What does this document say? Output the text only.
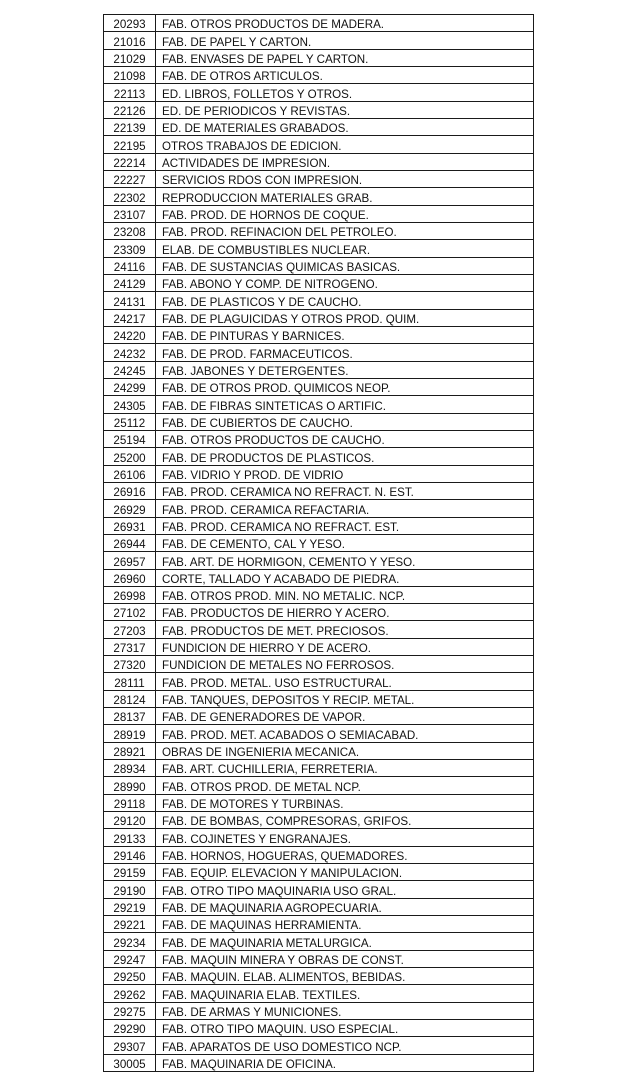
20293	FAB. OTROS PRODUCTOS DE MADERA.
21016	FAB. DE PAPEL Y CARTON.
21029	FAB. ENVASES DE PAPEL Y CARTON.
21098	FAB. DE OTROS ARTICULOS.
22113	ED. LIBROS, FOLLETOS Y OTROS.
22126	ED. DE PERIODICOS Y REVISTAS.
22139	ED. DE MATERIALES GRABADOS.
22195	OTROS TRABAJOS DE EDICION.
22214	ACTIVIDADES DE IMPRESION.
22227	SERVICIOS RDOS CON IMPRESION.
22302	REPRODUCCION MATERIALES GRAB.
23107	FAB. PROD. DE HORNOS DE COQUE.
23208	FAB. PROD. REFINACION DEL PETROLEO.
23309	ELAB. DE COMBUSTIBLES NUCLEAR.
24116	FAB. DE SUSTANCIAS QUIMICAS BASICAS.
24129	FAB. ABONO Y COMP. DE NITROGENO.
24131	FAB. DE PLASTICOS Y DE CAUCHO.
24217	FAB. DE PLAGUICIDAS Y OTROS PROD. QUIM.
24220	FAB. DE PINTURAS Y BARNICES.
24232	FAB. DE PROD. FARMACEUTICOS.
24245	FAB. JABONES Y DETERGENTES.
24299	FAB. DE OTROS PROD. QUIMICOS NEOP.
24305	FAB. DE FIBRAS SINTETICAS O ARTIFIC.
25112	FAB. DE CUBIERTOS DE CAUCHO.
25194	FAB. OTROS PRODUCTOS DE CAUCHO.
25200	FAB. DE PRODUCTOS DE PLASTICOS.
26106	FAB. VIDRIO Y PROD. DE VIDRIO
26916	FAB. PROD. CERAMICA NO REFRACT. N. EST.
26929	FAB. PROD. CERAMICA REFACTARIA.
26931	FAB. PROD. CERAMICA NO REFRACT. EST.
26944	FAB. DE CEMENTO, CAL Y YESO.
26957	FAB. ART. DE HORMIGON, CEMENTO Y YESO.
26960	CORTE, TALLADO Y ACABADO DE PIEDRA.
26998	FAB. OTROS PROD. MIN. NO METALIC. NCP.
27102	FAB. PRODUCTOS DE HIERRO Y ACERO.
27203	FAB. PRODUCTOS DE MET. PRECIOSOS.
27317	FUNDICION DE HIERRO Y DE ACERO.
27320	FUNDICION DE METALES NO FERROSOS.
28111	FAB. PROD. METAL. USO ESTRUCTURAL.
28124	FAB. TANQUES, DEPOSITOS Y RECIP. METAL.
28137	FAB. DE GENERADORES DE VAPOR.
28919	FAB. PROD. MET. ACABADOS O SEMIACABAD.
28921	OBRAS DE INGENIERIA MECANICA.
28934	FAB. ART. CUCHILLERIA, FERRETERIA.
28990	FAB. OTROS PROD. DE METAL NCP.
29118	FAB. DE MOTORES Y TURBINAS.
29120	FAB. DE BOMBAS, COMPRESORAS, GRIFOS.
29133	FAB. COJINETES Y ENGRANAJES.
29146	FAB. HORNOS, HOGUERAS, QUEMADORES.
29159	FAB. EQUIP. ELEVACION Y MANIPULACION.
29190	FAB. OTRO TIPO MAQUINARIA USO GRAL.
29219	FAB. DE MAQUINARIA AGROPECUARIA.
29221	FAB. DE MAQUINAS HERRAMIENTA.
29234	FAB. DE MAQUINARIA METALURGICA.
29247	FAB. MAQUIN MINERA Y OBRAS DE CONST.
29250	FAB. MAQUIN. ELAB. ALIMENTOS, BEBIDAS.
29262	FAB. MAQUINARIA ELAB. TEXTILES.
29275	FAB. DE ARMAS Y MUNICIONES.
29290	FAB. OTRO TIPO MAQUIN. USO ESPECIAL.
29307	FAB. APARATOS DE USO DOMESTICO NCP.
30005	FAB. MAQUINARIA DE OFICINA.
